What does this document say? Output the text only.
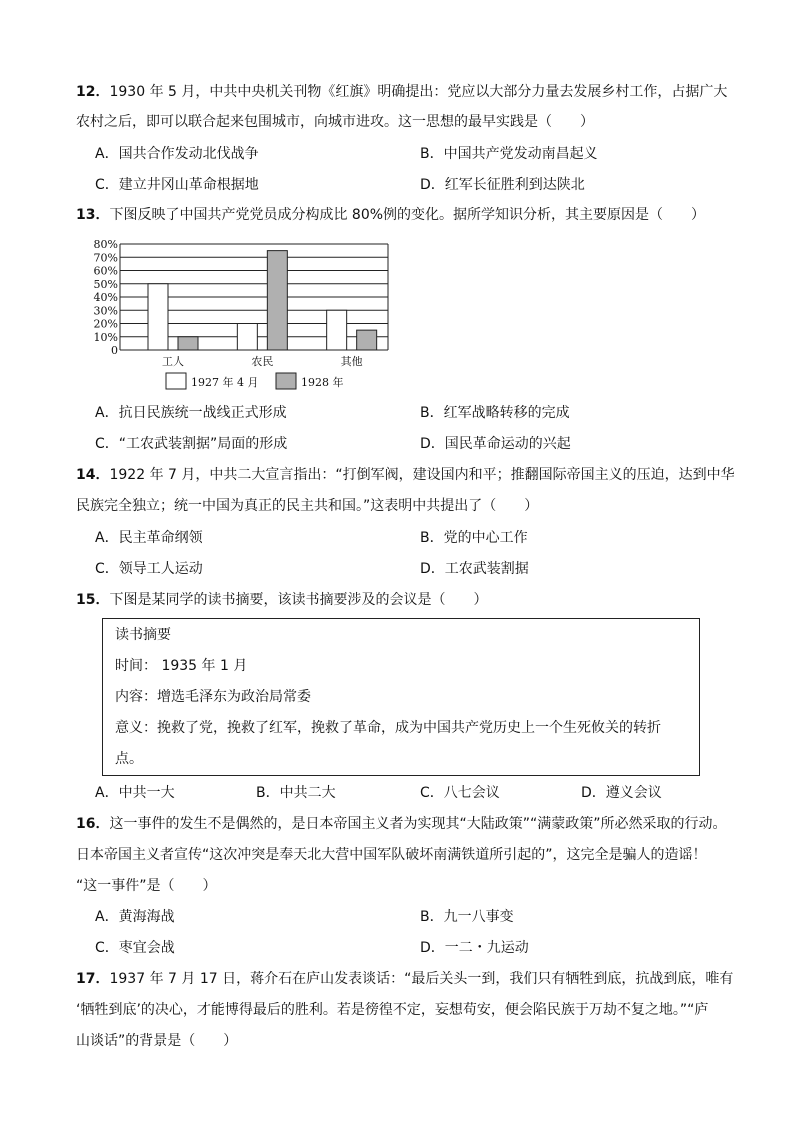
12．1930 年 5 月，中共中央机关刊物《红旗》明确提出：党应以大部分力量去发展乡村工作，占据广大
农村之后，即可以联合起来包围城市，向城市进攻。这一思想的最早实践是（　　）
A．国共合作发动北伐战争	B．中国共产党发动南昌起义
C．建立井冈山革命根据地	D．红军长征胜利到达陕北
13．下图反映了中国共产党党员成分构成比 80%例的变化。据所学知识分析，其主要原因是（　　）
0
10%
20%
30%
40%
50%
60%
70%
80%
工人	农民	其他
1927 年 4 月	1928 年
A．抗日民族统一战线正式形成	B．红军战略转移的完成
C．“工农武装割据”局面的形成	D．国民革命运动的兴起
14．1922 年 7 月，中共二大宣言指出：“打倒军阀，建设国内和平；推翻国际帝国主义的压迫，达到中华
民族完全独立；统一中国为真正的民主共和国。”这表明中共提出了（　　）
A．民主革命纲领	B．党的中心工作
C．领导工人运动	D．工农武装割据
15．下图是某同学的读书摘要，该读书摘要涉及的会议是（　　）
读书摘要
时间： 1935 年 1 月
内容：增选毛泽东为政治局常委
意义：挽救了党，挽救了红军，挽救了革命，成为中国共产党历史上一个生死攸关的转折
点。
A．中共一大	B．中共二大	C．八七会议	D．遵义会议
16．这一事件的发生不是偶然的，是日本帝国主义者为实现其“大陆政策”“满蒙政策”所必然采取的行动。
日本帝国主义者宣传“这次冲突是奉天北大营中国军队破坏南满铁道所引起的”，这完全是骗人的造谣！
“这一事件”是（　　）
A．黄海海战	B．九一八事变
C．枣宜会战	D．一二・九运动
17．1937 年 7 月 17 日，蒋介石在庐山发表谈话：“最后关头一到，我们只有牺牲到底，抗战到底，唯有
‘牺牲到底’的决心，才能博得最后的胜利。若是徬徨不定，妄想苟安，便会陷民族于万劫不复之地。”“庐
山谈话”的背景是（　　）
